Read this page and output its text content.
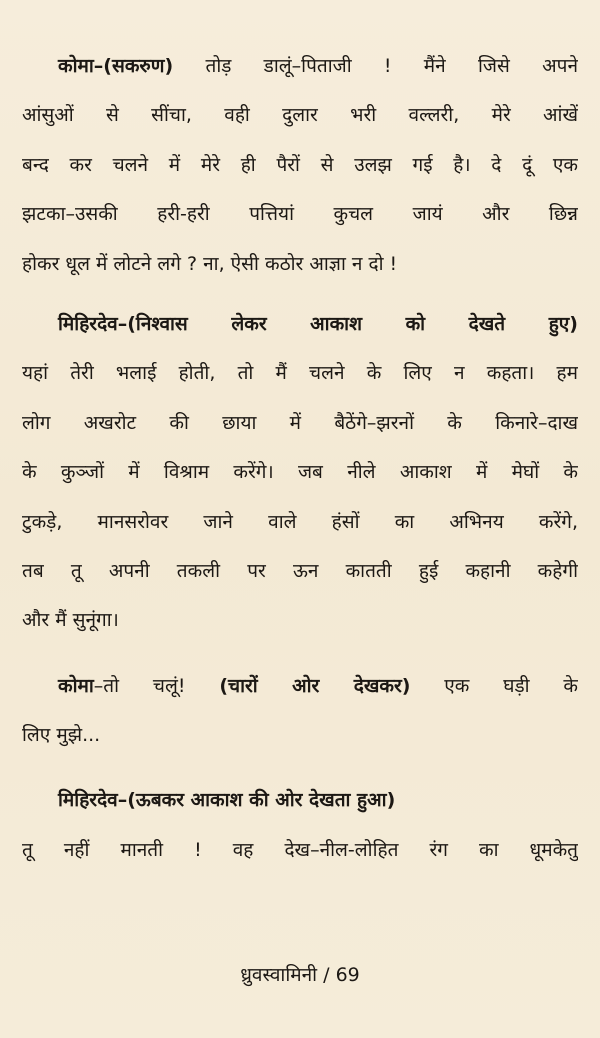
कोमा–(सकरुण) तोड़ डालूं–पिताजी ! मैंने जिसे अपने
आंसुओं से सींचा, वही दुलार भरी वल्लरी, मेरे आंखें
बन्द कर चलने में मेरे ही पैरों से उलझ गई है। दे दूं एक
झटका–उसकी हरी-हरी पत्तियां कुचल जायं और छिन्न
होकर धूल में लोटने लगे ? ना, ऐसी कठोर आज्ञा न दो !
मिहिरदेव–(निश्वास लेकर आकाश को देखते हुए)
यहां तेरी भलाई होती, तो मैं चलने के लिए न कहता। हम
लोग अखरोट की छाया में बैठेंगे–झरनों के किनारे–दाख
के कुञ्जों में विश्राम करेंगे। जब नीले आकाश में मेघों के
टुकड़े, मानसरोवर जाने वाले हंसों का अभिनय करेंगे,
तब तू अपनी तकली पर ऊन कातती हुई कहानी कहेगी
और मैं सुनूंगा।
कोमा–तो चलूं! (चारों ओर देखकर) एक घड़ी के
लिए मुझे...
मिहिरदेव–(ऊबकर आकाश की ओर देखता हुआ)
तू नहीं मानती ! वह देख–नील-लोहित रंग का धूमकेतु
ध्रुवस्वामिनी / 69
